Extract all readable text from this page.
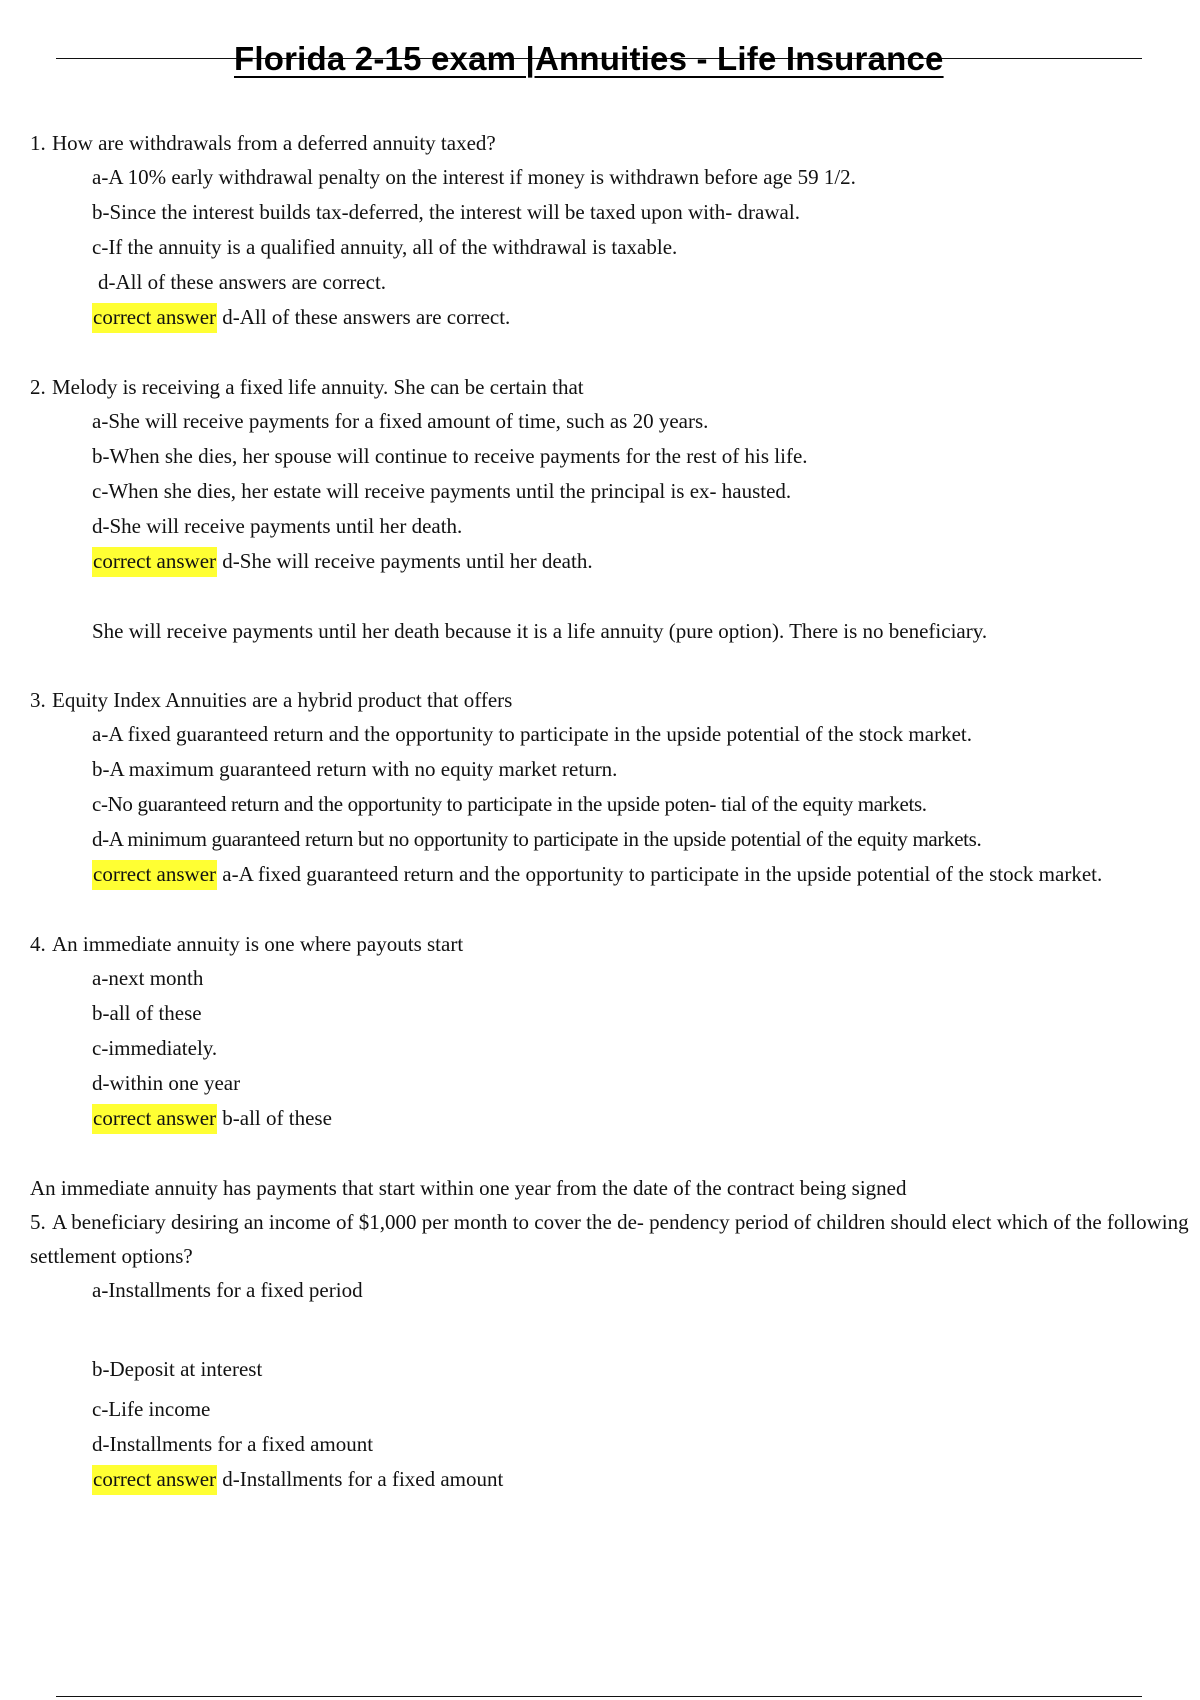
Florida 2-15 exam |Annuities - Life Insurance
1. How are withdrawals from a deferred annuity taxed?
a-A 10% early withdrawal penalty on the interest if money is withdrawn before age 59 1/2.
b-Since the interest builds tax-deferred, the interest will be taxed upon with- drawal.
c-If the annuity is a qualified annuity, all of the withdrawal is taxable.
d-All of these answers are correct.
correct answer d-All of these answers are correct.
2. Melody is receiving a fixed life annuity. She can be certain that
a-She will receive payments for a fixed amount of time, such as 20 years.
b-When she dies, her spouse will continue to receive payments for the rest of his life.
c-When she dies, her estate will receive payments until the principal is ex- hausted.
d-She will receive payments until her death.
correct answer d-She will receive payments until her death.
She will receive payments until her death because it is a life annuity (pure option). There is no beneficiary.
3. Equity Index Annuities are a hybrid product that offers
a-A fixed guaranteed return and the opportunity to participate in the upside potential of the stock market.
b-A maximum guaranteed return with no equity market return.
c-No guaranteed return and the opportunity to participate in the upside poten- tial of the equity markets.
d-A minimum guaranteed return but no opportunity to participate in the upside potential of the equity markets.
correct answer a-A fixed guaranteed return and the opportunity to participate in the upside potential of the stock market.
4. An immediate annuity is one where payouts start
a-next month
b-all of these
c-immediately.
d-within one year
correct answer b-all of these
An immediate annuity has payments that start within one year from the date of the contract being signed
5. A beneficiary desiring an income of $1,000 per month to cover the de- pendency period of children should elect which of the following settlement options?
a-Installments for a fixed period
b-Deposit at interest
c-Life income
d-Installments for a fixed amount
correct answer d-Installments for a fixed amount
